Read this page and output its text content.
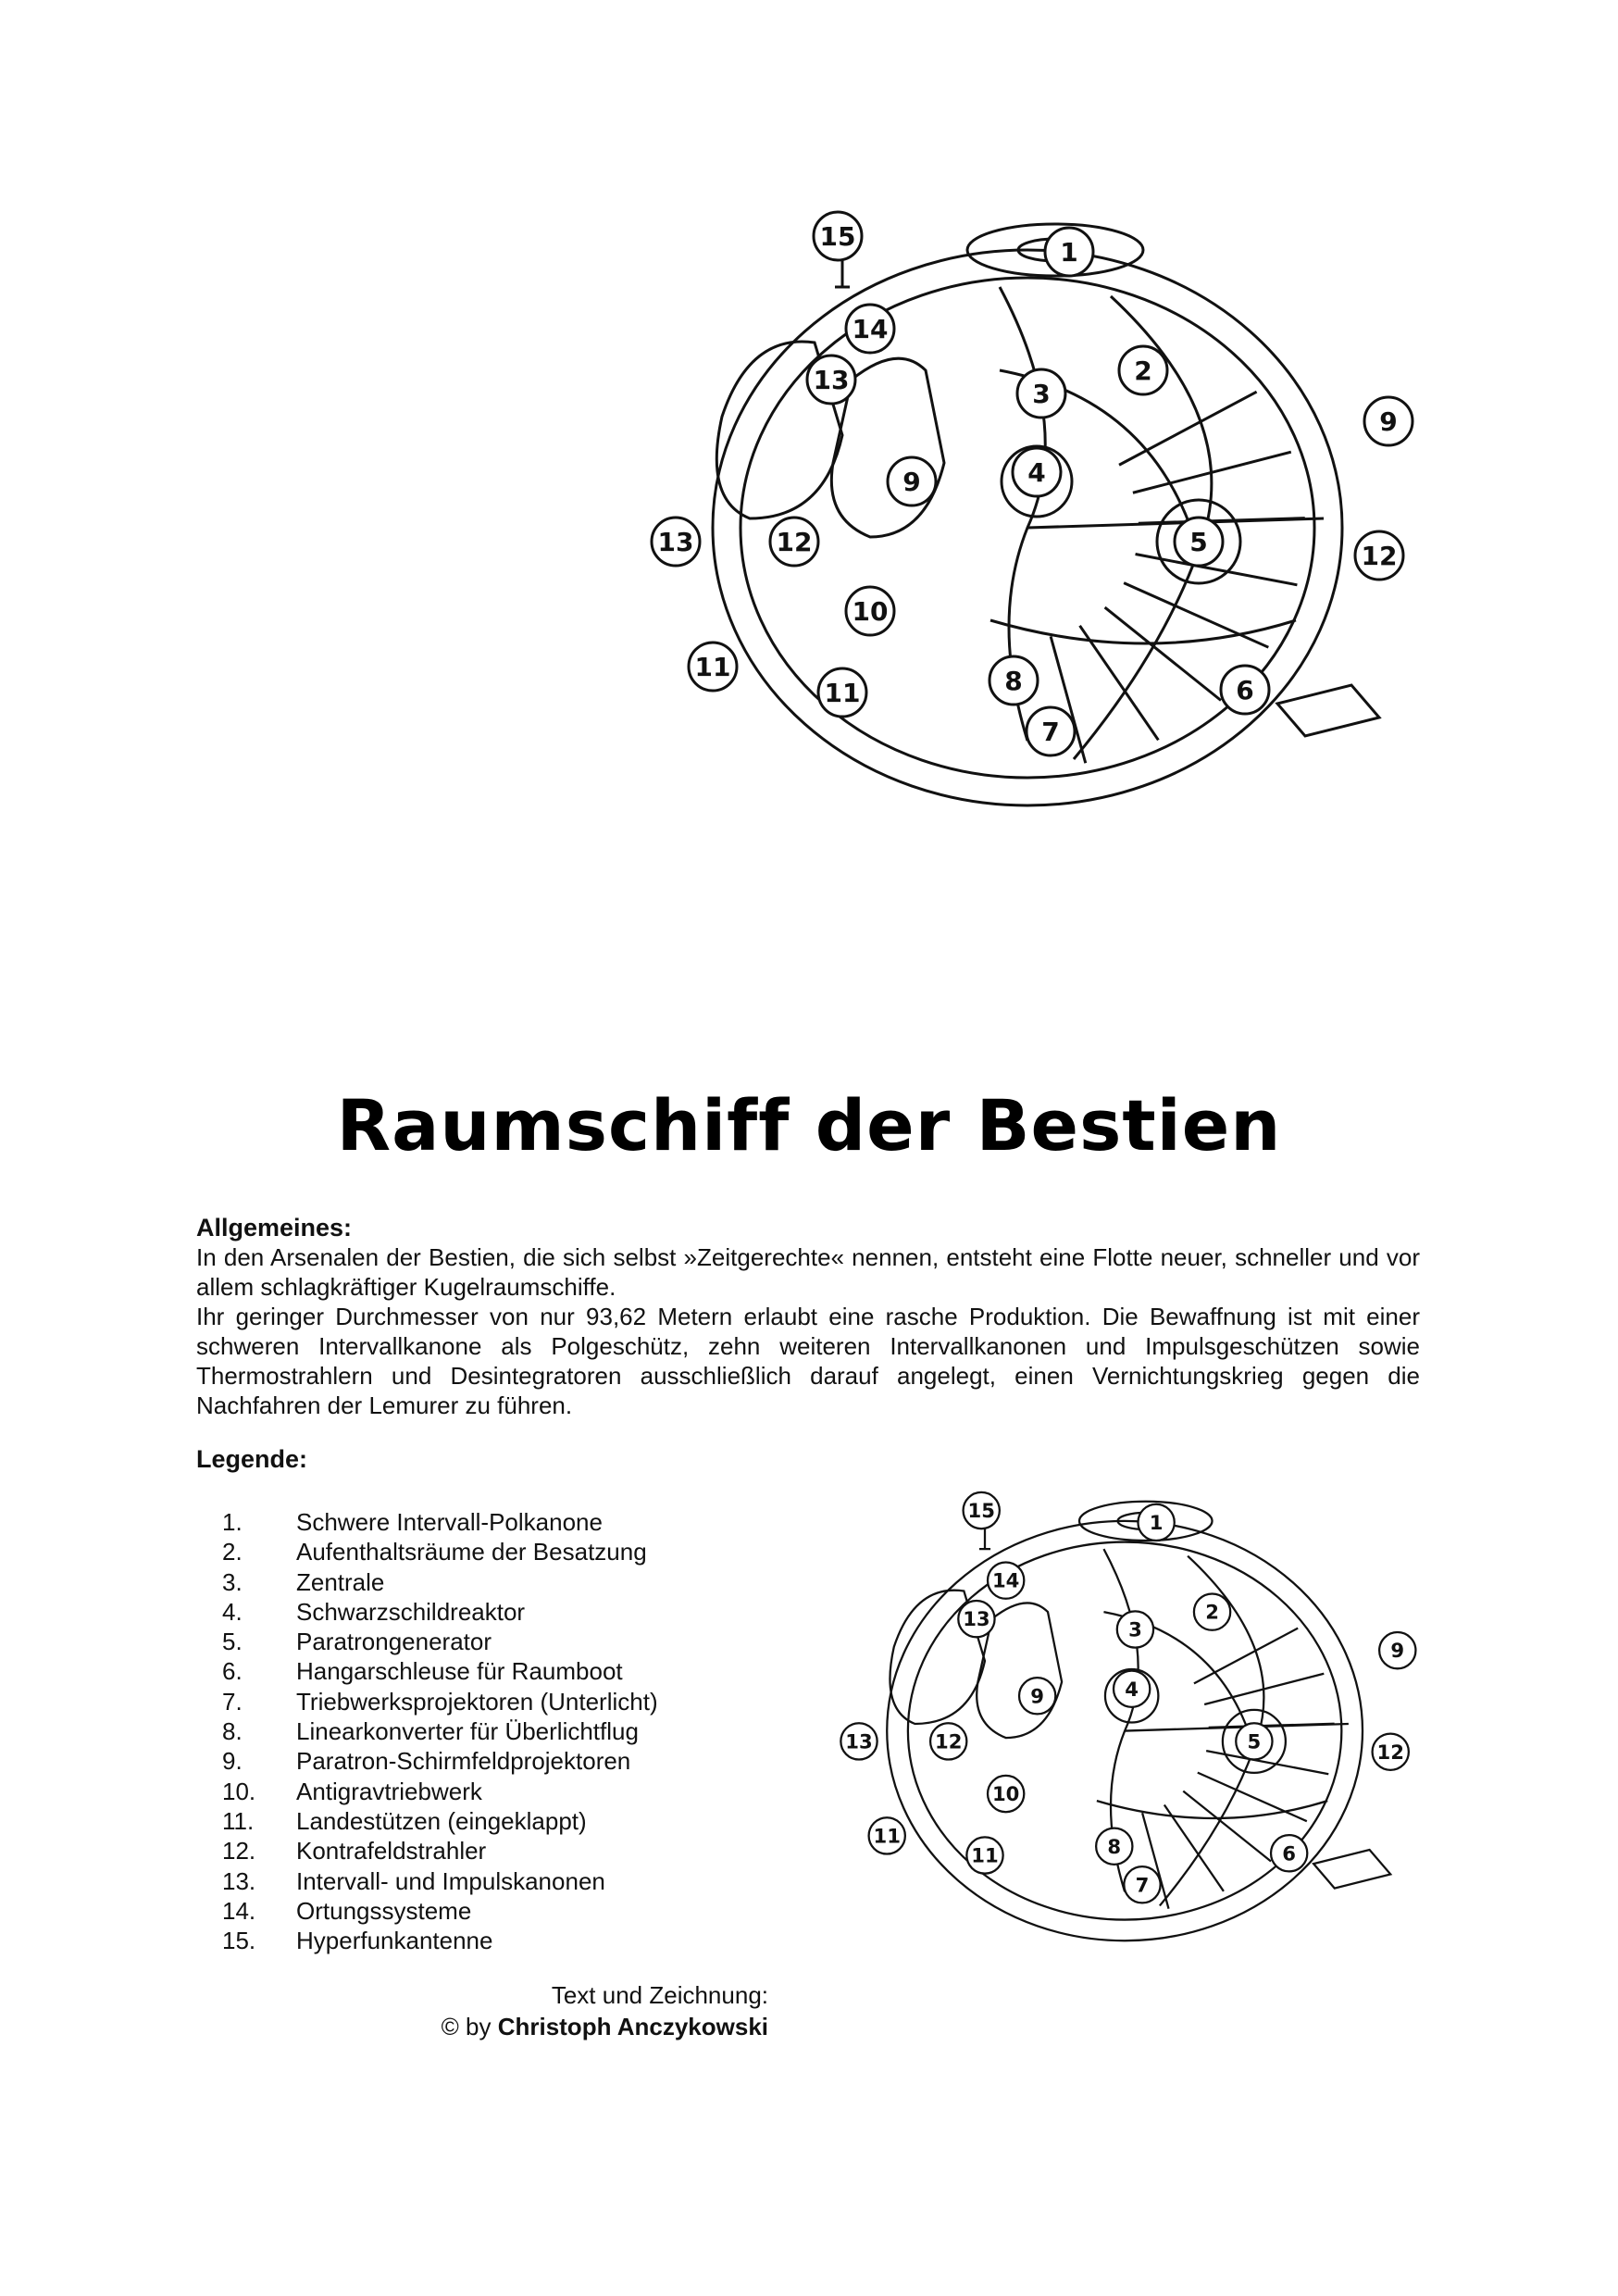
15
1
14
13	2
3
9
4
9
13	12	5	12
10
11
11	8	6
7
Raumschiff der Bestien
Allgemeines:

In den Arsenalen der Bestien, die sich selbst »Zeitgerechte« nennen, entsteht eine Flotte neuer, schneller und vor allem schlagkräftiger Kugelraumschiffe.

Ihr geringer Durchmesser von nur 93,62 Metern erlaubt eine rasche Produktion. Die Bewaffnung ist mit einer schweren Intervallkanone als Polgeschütz, zehn weiteren Intervallkanonen und Impulsgeschützen sowie Thermostrahlern und Desintegratoren ausschließlich darauf angelegt, einen Vernichtungskrieg gegen die Nachfahren der Lemurer zu führen.

Legende:
1.	Schwere Intervall-Polkanone
2.	Aufenthaltsräume der Besatzung
3.	Zentrale
4.	Schwarzschildreaktor
5.	Paratrongenerator
6.	Hangarschleuse für Raumboot
7.	Triebwerksprojektoren (Unterlicht)
8.	Linearkonverter für Überlichtflug
9.	Paratron-Schirmfeldprojektoren
10.	Antigravtriebwerk
11.	Landestützen (eingeklappt)
12.	Kontrafeldstrahler
13.	Intervall- und Impulskanonen
14.	Ortungssysteme
15.	Hyperfunkantenne
Text und Zeichnung:
© by Christoph Anczykowski
15
1
14
13	2
3
9
4
9
13 12	5	12
10
11
11	8	6
7
